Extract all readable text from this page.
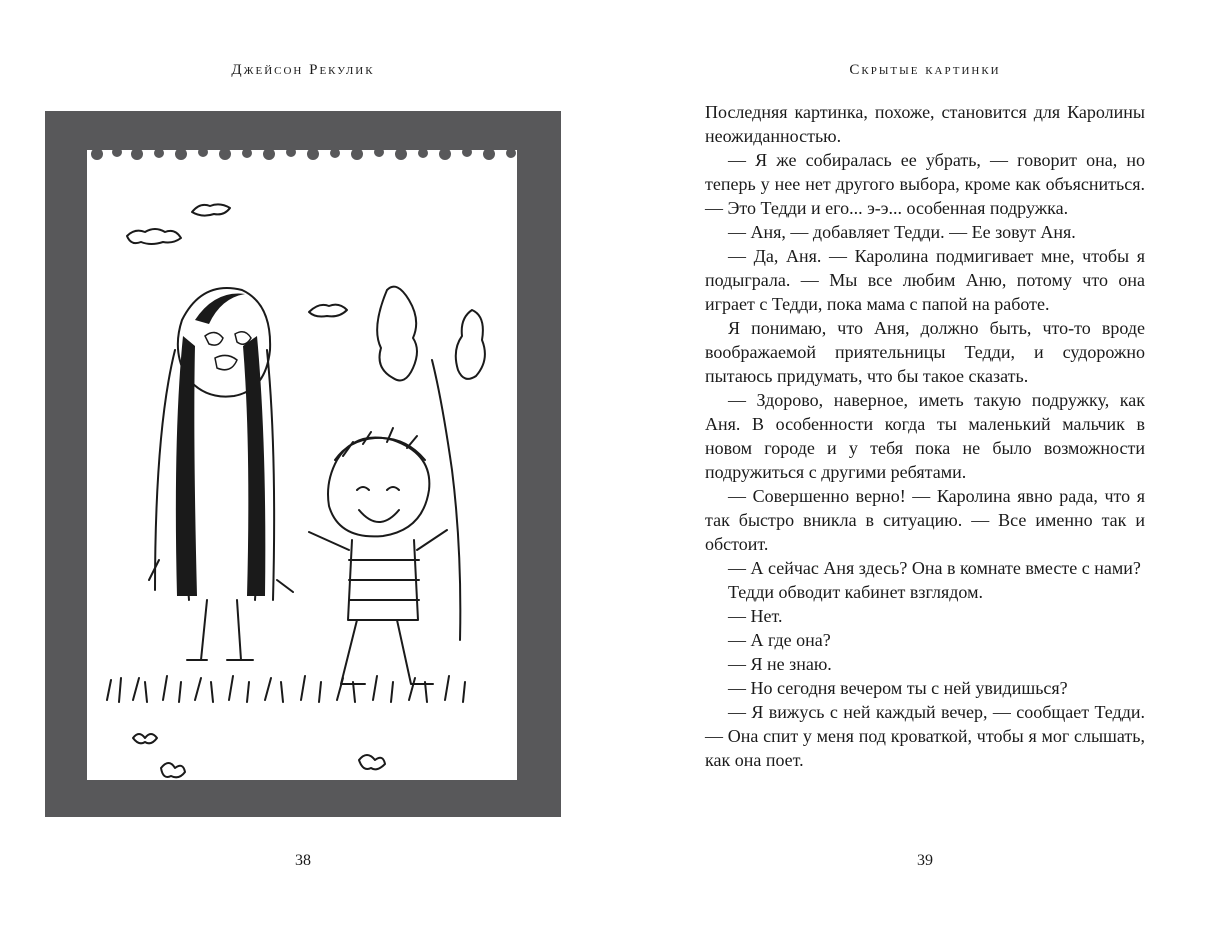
Джейсон Рекулик
38
Скрытые картинки

Последняя картинка, похоже, становится для Каролины неожиданностью.

— Я же собиралась ее убрать, — говорит она, но теперь у нее нет другого выбора, кроме как объясниться. — Это Тедди и его... э-э... особенная подружка.

— Аня, — добавляет Тедди. — Ее зовут Аня.

— Да, Аня. — Каролина подмигивает мне, чтобы я подыграла. — Мы все любим Аню, потому что она играет с Тедди, пока мама с папой на работе.

Я понимаю, что Аня, должно быть, что-то вроде воображаемой приятельницы Тедди, и судорожно пытаюсь придумать, что бы такое сказать.

— Здорово, наверное, иметь такую подружку, как Аня. В особенности когда ты маленький мальчик в новом городе и у тебя пока не было возможности подружиться с другими ребятами.

— Совершенно верно! — Каролина явно рада, что я так быстро вникла в ситуацию. — Все именно так и обстоит.

— А сейчас Аня здесь? Она в комнате вместе с нами?

Тедди обводит кабинет взглядом.

— Нет.

— А где она?

— Я не знаю.

— Но сегодня вечером ты с ней увидишься?

— Я вижусь с ней каждый вечер, — сообщает Тедди. — Она спит у меня под кроваткой, чтобы я мог слышать, как она поет.

39
